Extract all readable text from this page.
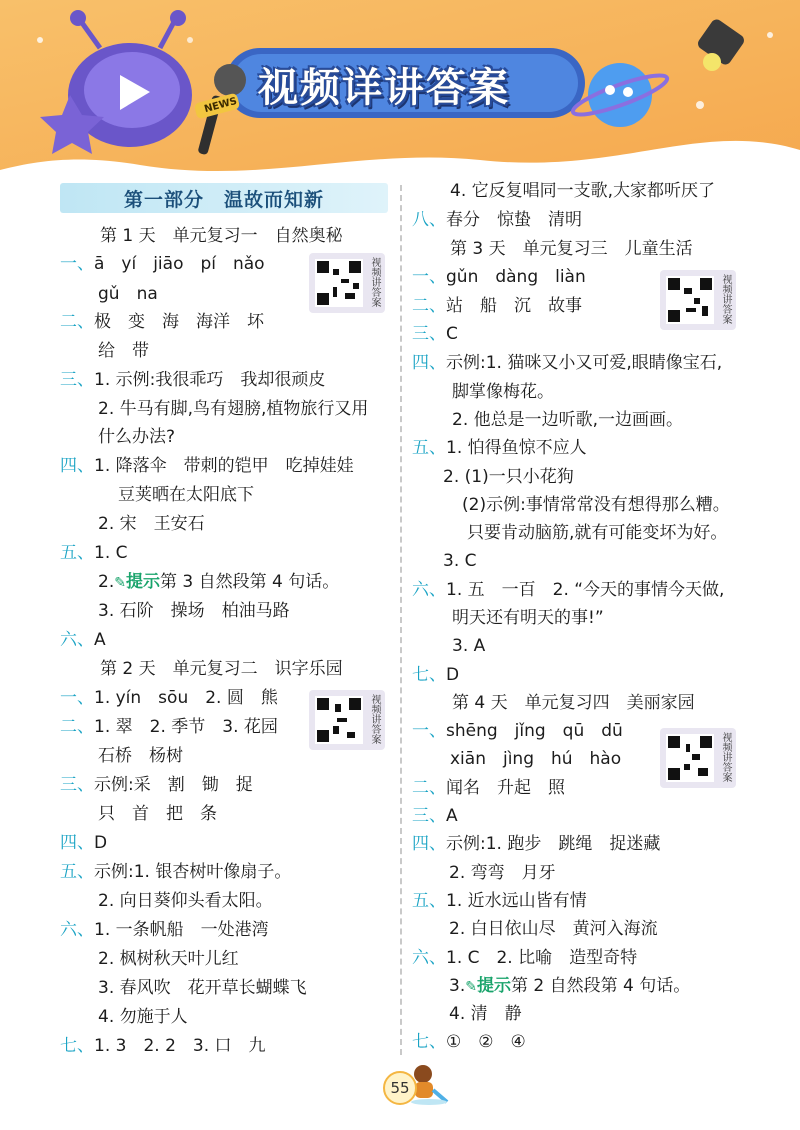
视频详讲答案
NEWS
第一部分　温故而知新
视频讲答案
视频讲答案
视频讲答案
视频讲答案
第 1 天　单元复习一　自然奥秘
一、ā　yí　jiāo　pí　nǎo
gǔ　na
二、极　变　海　海洋　坏
给　带
三、1. 示例:我很乖巧　我却很顽皮
2. 牛马有脚,鸟有翅膀,植物旅行又用
什么办法?
四、1. 降落伞　带刺的铠甲　吃掉娃娃
豆荚晒在太阳底下
2. 宋　王安石
五、1. C
2.✎提示第 3 自然段第 4 句话。
3. 石阶　操场　柏油马路
六、A
第 2 天　单元复习二　识字乐园
一、1. yín　sōu　2. 圆　熊
二、1. 翠　2. 季节　3. 花园
石桥　杨树
三、示例:采　割　锄　捉
只　首　把　条
四、D
五、示例:1. 银杏树叶像扇子。
2. 向日葵仰头看太阳。
六、1. 一条帆船　一处港湾
2. 枫树秋天叶儿红
3. 春风吹　花开草长蝴蝶飞
4. 勿施于人
七、1. 3　2. 2　3. 口　九
4. 它反复唱同一支歌,大家都听厌了
八、春分　惊蛰　清明
第 3 天　单元复习三　儿童生活
一、gǔn　dàng　liàn
二、站　船　沉　故事
三、C
四、示例:1. 猫咪又小又可爱,眼睛像宝石,
脚掌像梅花。
2. 他总是一边听歌,一边画画。
五、1. 怕得鱼惊不应人
2. (1)一只小花狗
(2)示例:事情常常没有想得那么糟。
只要肯动脑筋,就有可能变坏为好。
3. C
六、1. 五　一百　2. “今天的事情今天做,
明天还有明天的事!”
3. A
七、D
第 4 天　单元复习四　美丽家园
一、shēng　jǐng　qū　dū
xiān　jìng　hú　hào
二、闻名　升起　照
三、A
四、示例:1. 跑步　跳绳　捉迷藏
2. 弯弯　月牙
五、1. 近水远山皆有情
2. 白日依山尽　黄河入海流
六、1. C　2. 比喻　造型奇特
3.✎提示第 2 自然段第 4 句话。
4. 清　静
七、①　②　④
55
